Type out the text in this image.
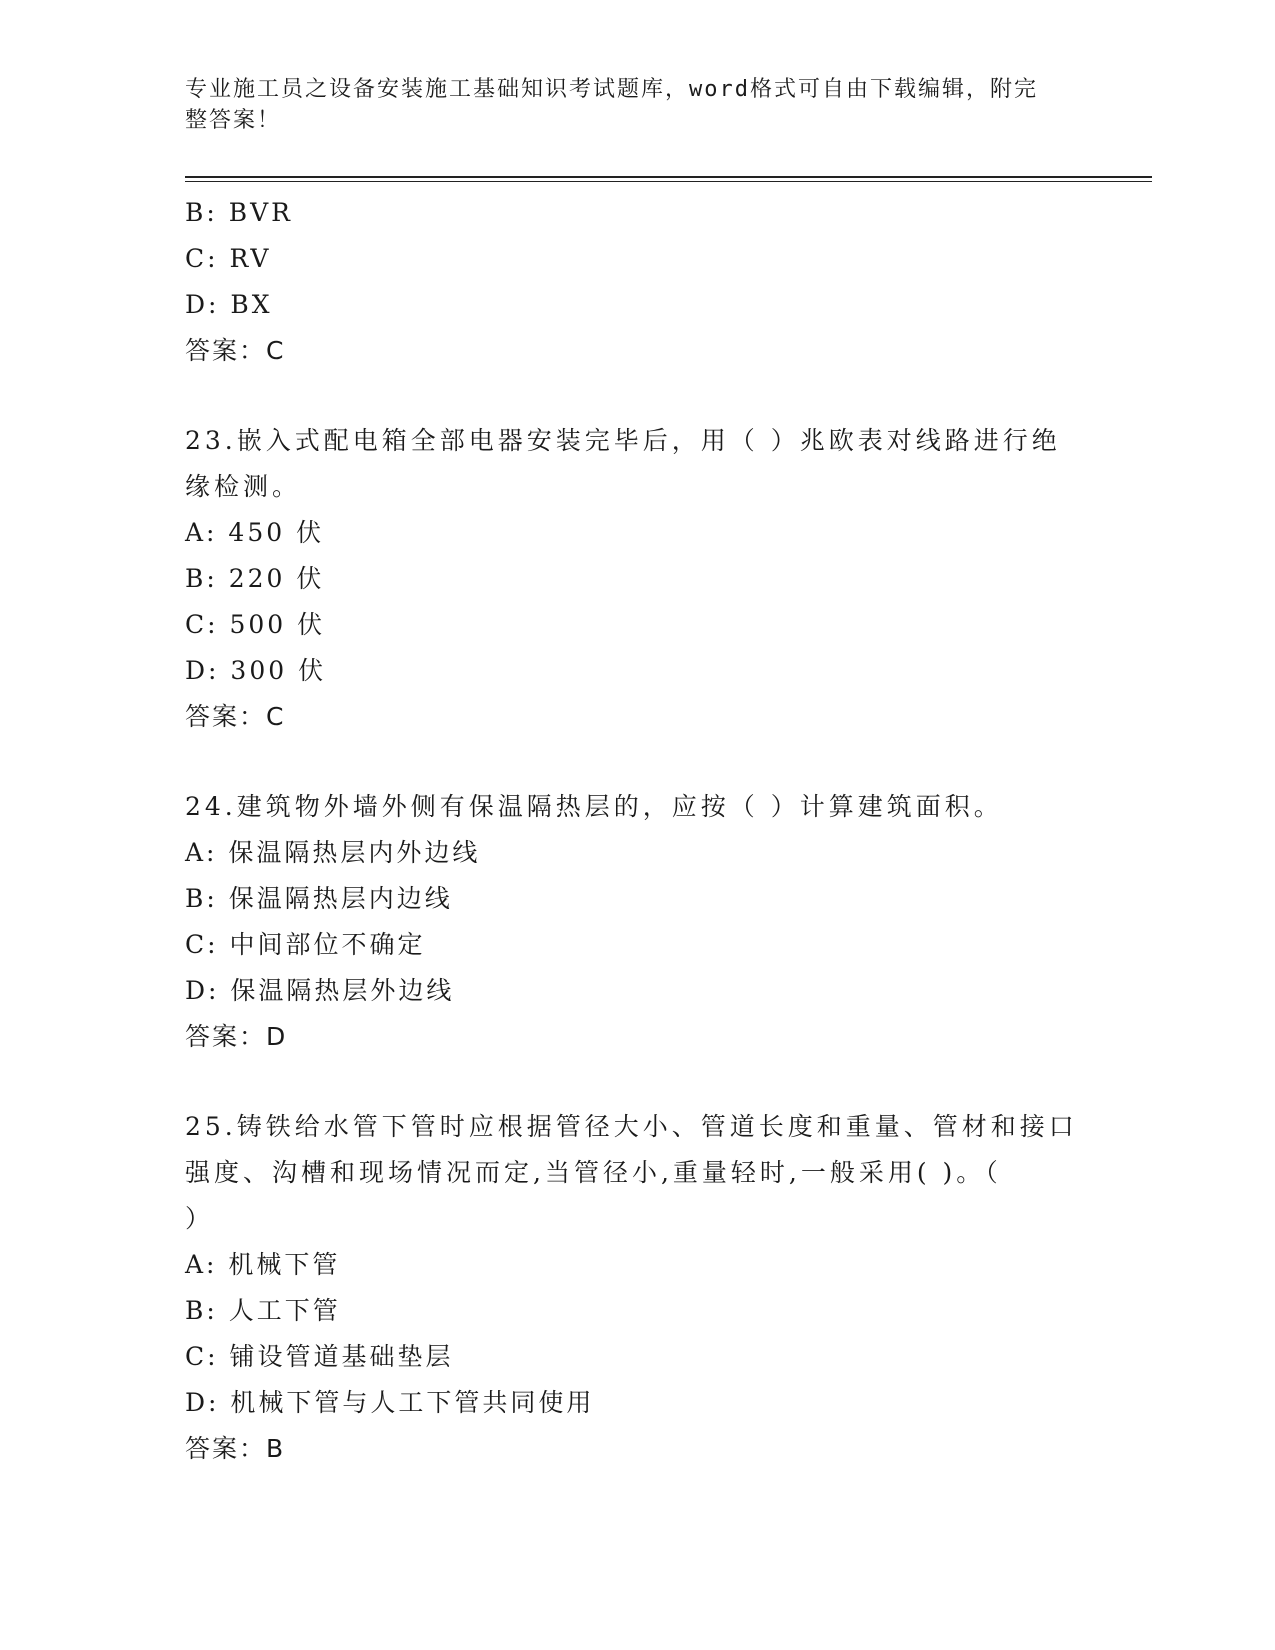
专业施工员之设备安装施工基础知识考试题库，word格式可自由下载编辑，附完
整答案！
B: BVR
C: RV
D: BX
答案：C
23.嵌入式配电箱全部电器安装完毕后，用（ ）兆欧表对线路进行绝
缘检测。
A: 450 伏
B: 220 伏
C: 500 伏
D: 300 伏
答案：C
24.建筑物外墙外侧有保温隔热层的，应按（ ）计算建筑面积。
A: 保温隔热层内外边线
B: 保温隔热层内边线
C: 中间部位不确定
D: 保温隔热层外边线
答案：D
25.铸铁给水管下管时应根据管径大小、管道长度和重量、管材和接口
强度、沟槽和现场情况而定,当管径小,重量轻时,一般采用( )。（
）
A: 机械下管
B: 人工下管
C: 铺设管道基础垫层
D: 机械下管与人工下管共同使用
答案：B
